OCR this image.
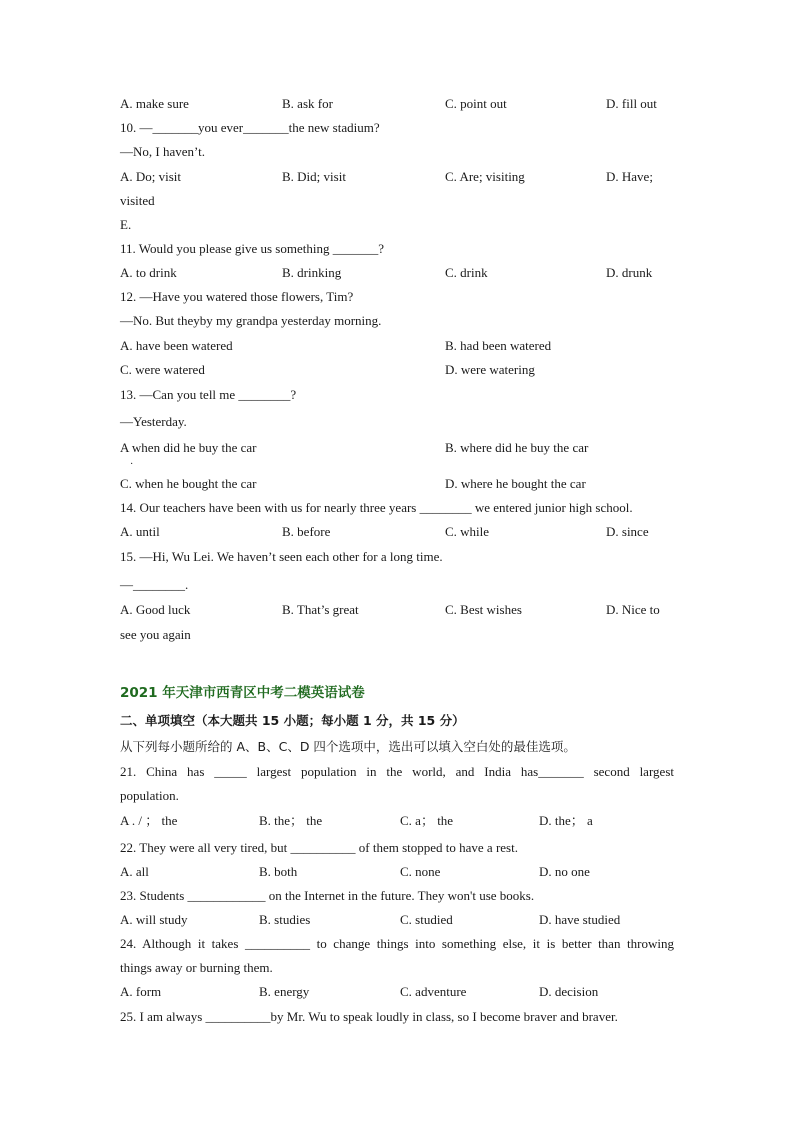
A. make sure	B. ask for	C. point out	D. fill out
10. —_______you ever_______the new stadium?
—No, I haven’t.
A. Do; visit	B. Did; visit	C. Are; visiting	D. Have;
visited
E.
11. Would you please give us something _______?
A. to drink	B. drinking	C. drink	D. drunk
12. —Have you watered those flowers, Tim?
—No. But theyby my grandpa yesterday morning.
A. have been watered	B. had been watered
C. were watered	D. were watering
13. —Can you tell me ________?
—Yesterday.
A when did he buy the car	B. where did he buy the car
·
C. when he bought the car	D. where he bought the car
14. Our teachers have been with us for nearly three years ________ we entered junior high school.
A. until	B. before	C. while	D. since
15. —Hi, Wu Lei. We haven’t seen each other for a long time.
—________.
A. Good luck	B. That’s great	C. Best wishes	D. Nice to
see you again
2021 年天津市西青区中考二模英语试卷
二、单项填空（本大题共 15 小题；每小题 1 分，共 15 分）
从下列每小题所给的 A、B、C、D 四个选项中，选出可以填入空白处的最佳选项。
21. China has _____ largest population in the world, and India has_______ second largest
population.
A . / ； the	B. the； the	C. a； the	D. the； a
22. They were all very tired, but __________ of them stopped to have a rest.
A. all	B. both	C. none	D. no one
23. Students ____________ on the Internet in the future. They won't use books.
A. will study	B. studies	C. studied	D. have studied
24. Although it takes __________ to change things into something else, it is better than throwing
things away or burning them.
A. form	B. energy	C. adventure	D. decision
25. I am always __________by Mr. Wu to speak loudly in class, so I become braver and braver.
